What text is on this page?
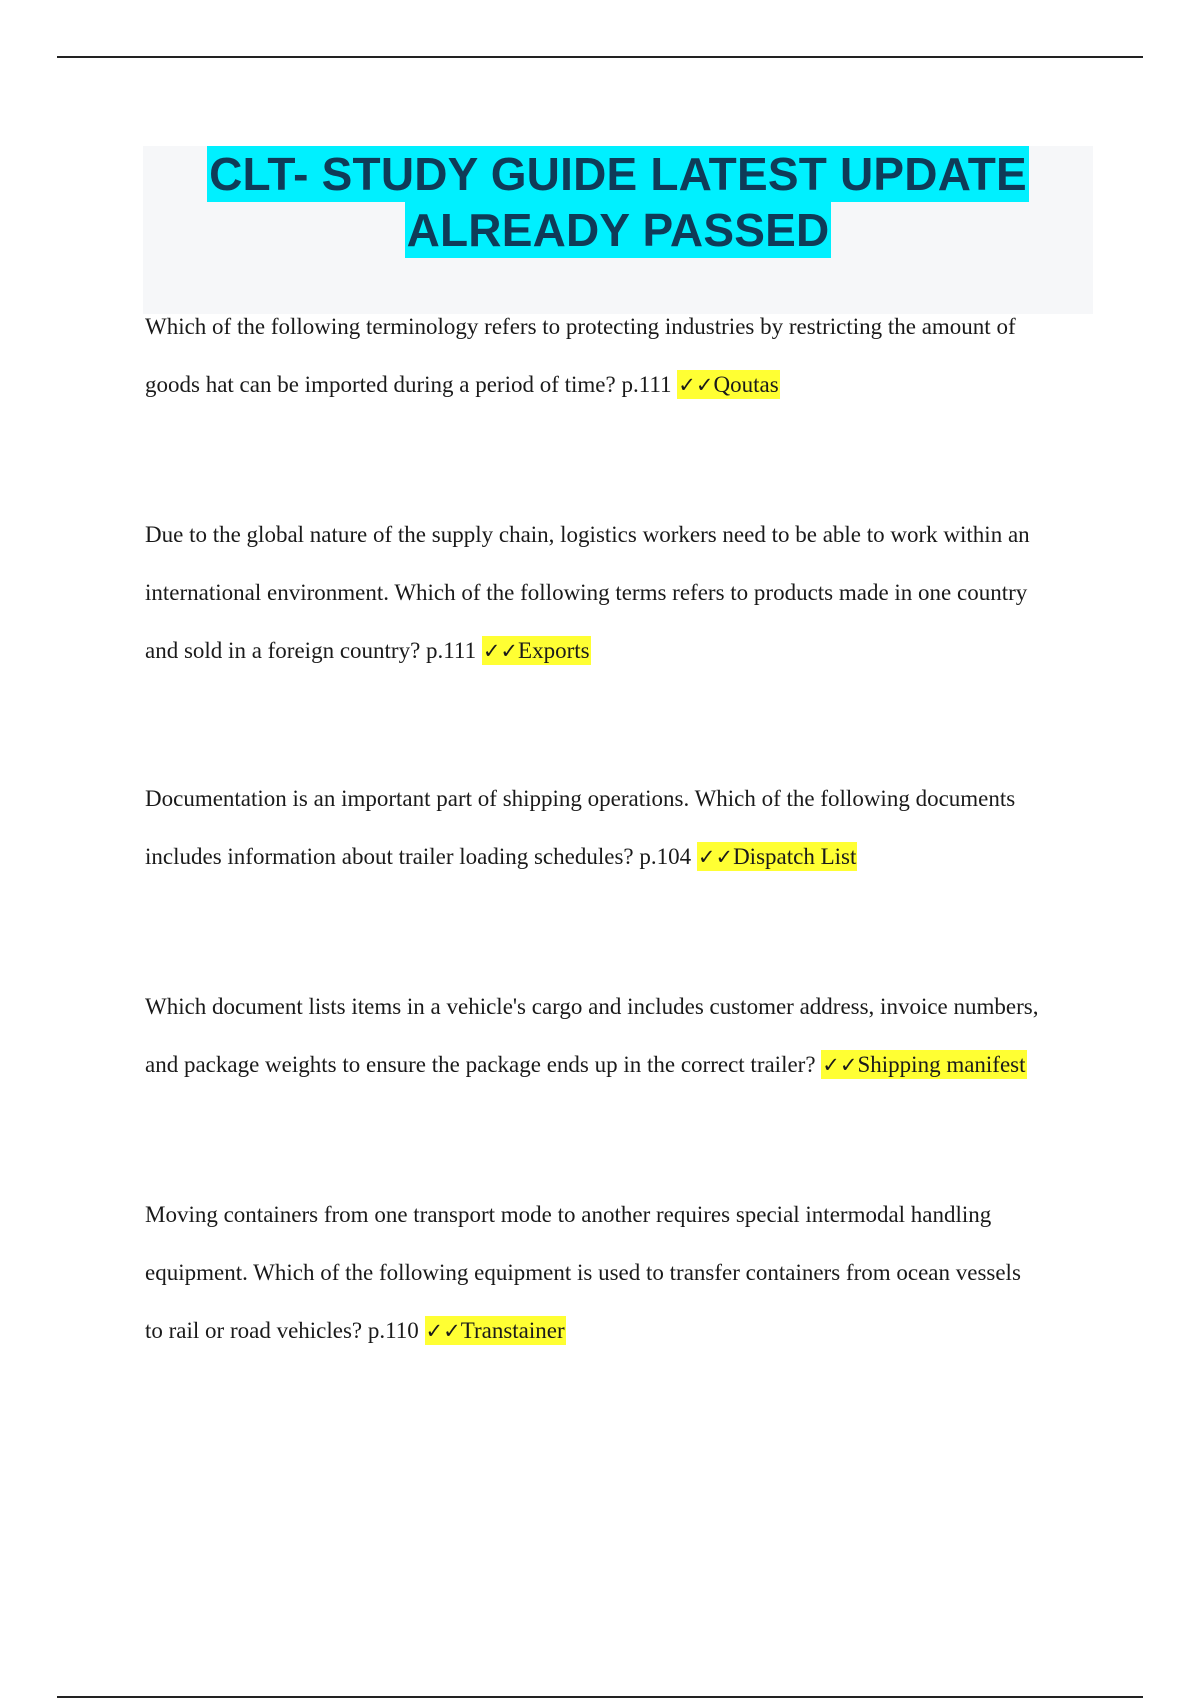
CLT- STUDY GUIDE LATEST UPDATE
ALREADY PASSED

Which of the following terminology refers to protecting industries by restricting the amount of
goods hat can be imported during a period of time? p.111 ✓✓Qoutas

Due to the global nature of the supply chain, logistics workers need to be able to work within an
international environment. Which of the following terms refers to products made in one country
and sold in a foreign country? p.111 ✓✓Exports

Documentation is an important part of shipping operations. Which of the following documents
includes information about trailer loading schedules? p.104 ✓✓Dispatch List

Which document lists items in a vehicle's cargo and includes customer address, invoice numbers,
and package weights to ensure the package ends up in the correct trailer? ✓✓Shipping manifest

Moving containers from one transport mode to another requires special intermodal handling
equipment. Which of the following equipment is used to transfer containers from ocean vessels
to rail or road vehicles? p.110 ✓✓Transtainer
